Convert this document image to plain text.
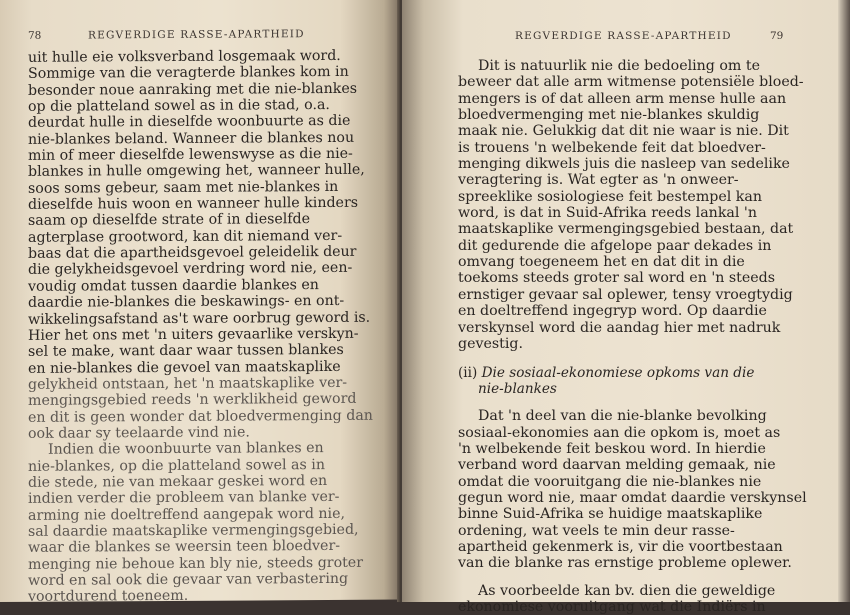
78	REGVERDIGE RASSE-APARTHEID
uit hulle eie volksverband losgemaak word.
Sommige van die veragterde blankes kom in
besonder noue aanraking met die nie-blankes
op die platteland sowel as in die stad, o.a.
deurdat hulle in dieselfde woonbuurte as die
nie-blankes beland. Wanneer die blankes nou
min of meer dieselfde lewenswyse as die nie-
blankes in hulle omgewing het, wanneer hulle,
soos soms gebeur, saam met nie-blankes in
dieselfde huis woon en wanneer hulle kinders
saam op dieselfde strate of in dieselfde
agterplase grootword, kan dit niemand ver-
baas dat die apartheidsgevoel geleidelik deur
die gelykheidsgevoel verdring word nie, een-
voudig omdat tussen daardie blankes en
daardie nie-blankes die beskawings- en ont-
wikkelingsafstand as't ware oorbrug geword is.
Hier het ons met 'n uiters gevaarlike verskyn-
sel te make, want daar waar tussen blankes
en nie-blankes die gevoel van maatskaplike
gelykheid ontstaan, het 'n maatskaplike ver-
mengingsgebied reeds 'n werklikheid geword
en dit is geen wonder dat bloedvermenging dan
ook daar sy teelaarde vind nie.
Indien die woonbuurte van blankes en
nie-blankes, op die platteland sowel as in
die stede, nie van mekaar geskei word en
indien verder die probleem van blanke ver-
arming nie doeltreffend aangepak word nie,
sal daardie maatskaplike vermengingsgebied,
waar die blankes se weersin teen bloedver-
menging nie behoue kan bly nie, steeds groter
word en sal ook die gevaar van verbastering
voortdurend toeneem.
REGVERDIGE RASSE-APARTHEID	79
Dit is natuurlik nie die bedoeling om te
beweer dat alle arm witmense potensiële bloed-
mengers is of dat alleen arm mense hulle aan
bloedvermenging met nie-blankes skuldig
maak nie. Gelukkig dat dit nie waar is nie. Dit
is trouens 'n welbekende feit dat bloedver-
menging dikwels juis die nasleep van sedelike
veragtering is. Wat egter as 'n onweer-
spreeklike sosiologiese feit bestempel kan
word, is dat in Suid-Afrika reeds lankal 'n
maatskaplike vermengingsgebied bestaan, dat
dit gedurende die afgelope paar dekades in
omvang toegeneem het en dat dit in die
toekoms steeds groter sal word en 'n steeds
ernstiger gevaar sal oplewer, tensy vroegtydig
en doeltreffend ingegryp word. Op daardie
verskynsel word die aandag hier met nadruk
gevestig.
(ii) Die sosiaal-ekonomiese opkoms van die
nie-blankes
Dat 'n deel van die nie-blanke bevolking
sosiaal-ekonomies aan die opkom is, moet as
'n welbekende feit beskou word. In hierdie
verband word daarvan melding gemaak, nie
omdat die vooruitgang die nie-blankes nie
gegun word nie, maar omdat daardie verskynsel
binne Suid-Afrika se huidige maatskaplike
ordening, wat veels te min deur rasse-
apartheid gekenmerk is, vir die voortbestaan
van die blanke ras ernstige probleme oplewer.
As voorbeelde kan bv. dien die geweldige
ekonomiese vooruitgang wat die Indiërs in
